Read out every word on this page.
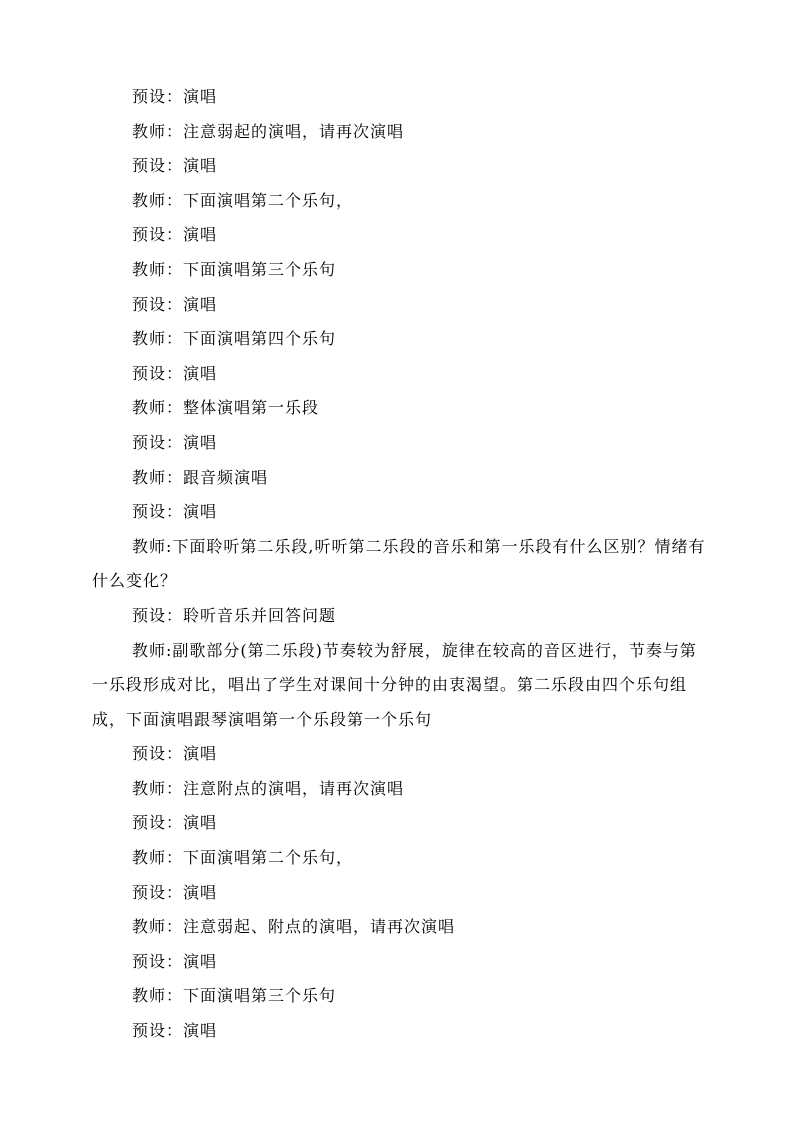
预设：演唱

教师：注意弱起的演唱，请再次演唱

预设：演唱

教师：下面演唱第二个乐句，

预设：演唱

教师：下面演唱第三个乐句

预设：演唱

教师：下面演唱第四个乐句

预设：演唱

教师：整体演唱第一乐段

预设：演唱

教师：跟音频演唱

预设：演唱

教师:下面聆听第二乐段,听听第二乐段的音乐和第一乐段有什么区别？情绪有什么变化？

预设：聆听音乐并回答问题

教师:副歌部分(第二乐段)节奏较为舒展，旋律在较高的音区进行，节奏与第一乐段形成对比，唱出了学生对课间十分钟的由衷渴望。第二乐段由四个乐句组成，下面演唱跟琴演唱第一个乐段第一个乐句

预设：演唱

教师：注意附点的演唱，请再次演唱

预设：演唱

教师：下面演唱第二个乐句，

预设：演唱

教师：注意弱起、附点的演唱，请再次演唱

预设：演唱

教师：下面演唱第三个乐句

预设：演唱
